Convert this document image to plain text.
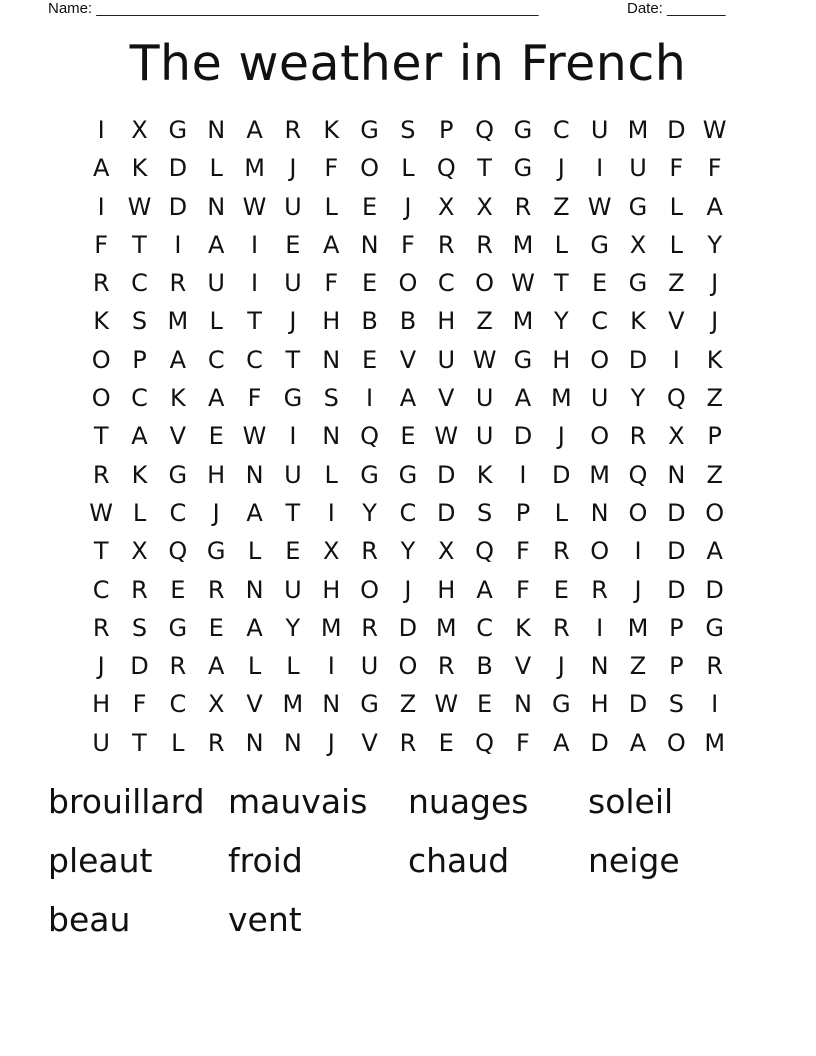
Name: _____________________________________________________	Date: _______
The weather in French
I	X G N A R K G S P Q G C U M D W
A K D L M	J	F O L Q T G	J	I	U F	F
I W D N W U L	E	J	X X R Z W G L A
F	T	I	A	I	E A N F R R M L G X L	Y
R C R U	I	U F E O C O W T E G Z	J
K S M L	T	J	H B B H Z M Y C K V	J
O P A C C T N E V U W G H O D	I	K
O C K A F G S	I	A V U A M U Y Q Z
T A V E W I	N Q E W U D	J	O R X P
R K G H N U L G G D K	I	D M Q N Z
W L C	J	A T	I	Y C D S P	L N O D O
T X Q G L	E X R Y X Q F R O	I	D A
C R E R N U H O	J	H A F E R	J	D D
R S G E A Y M R D M C K R	I	M P G
J	D R A L	L	I	U O R B V	J	N Z P R
H F C X V M N G Z W E N G H D S	I
U T	L R N N	J	V R E Q F A D A O M
brouillard mauvais	nuages	soleil
pleaut	froid	chaud	neige
beau	vent
